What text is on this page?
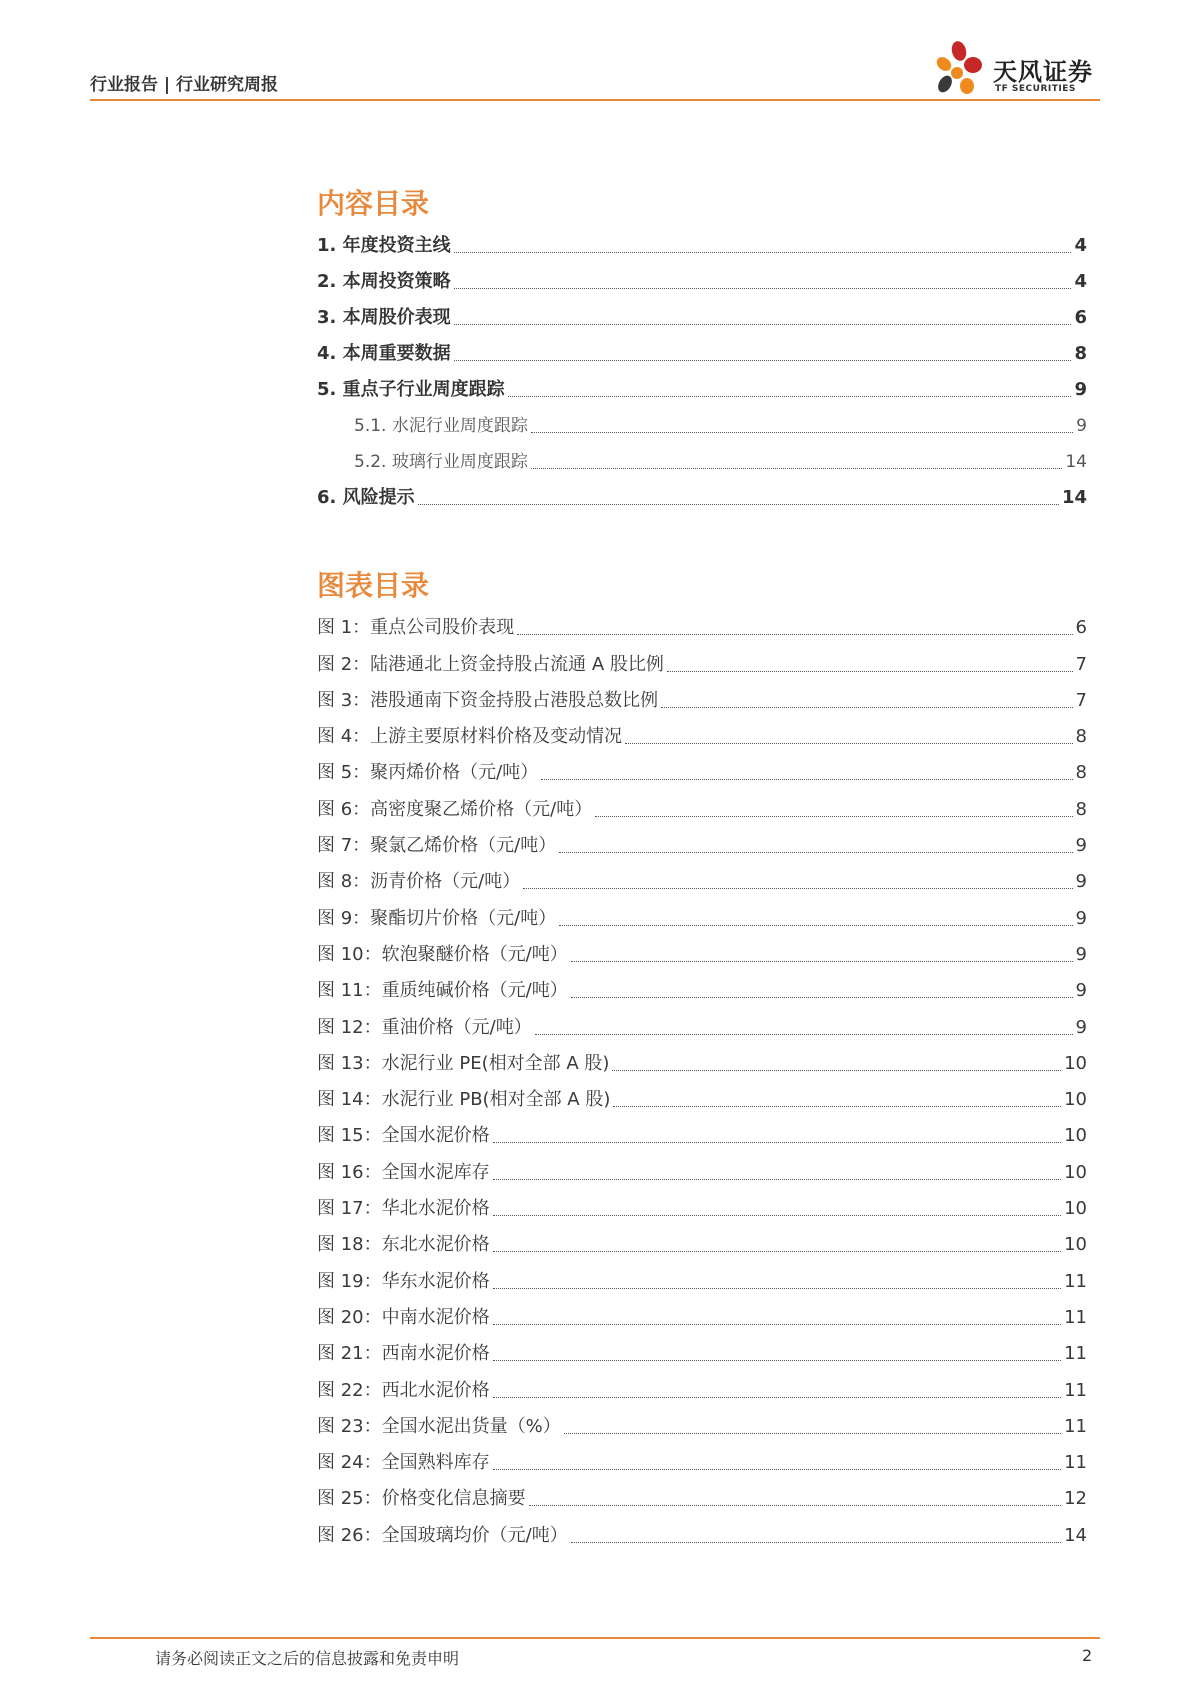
行业报告 | 行业研究周报	天风证券
TF SECURITIES
内容目录
1. 年度投资主线	4
2. 本周投资策略	4
3. 本周股价表现	6
4. 本周重要数据	8
5. 重点子行业周度跟踪	9
5.1. 水泥行业周度跟踪	9
5.2. 玻璃行业周度跟踪	14
6. 风险提示	14
图表目录
图 1：重点公司股价表现	6
图 2：陆港通北上资金持股占流通 A 股比例	7
图 3：港股通南下资金持股占港股总数比例	7
图 4：上游主要原材料价格及变动情况	8
图 5：聚丙烯价格（元/吨）	8
图 6：高密度聚乙烯价格（元/吨）	8
图 7：聚氯乙烯价格（元/吨）	9
图 8：沥青价格（元/吨）	9
图 9：聚酯切片价格（元/吨）	9
图 10：软泡聚醚价格（元/吨）	9
图 11：重质纯碱价格（元/吨）	9
图 12：重油价格（元/吨）	9
图 13：水泥行业 PE(相对全部 A 股)	10
图 14：水泥行业 PB(相对全部 A 股)	10
图 15：全国水泥价格	10
图 16：全国水泥库存	10
图 17：华北水泥价格	10
图 18：东北水泥价格	10
图 19：华东水泥价格	11
图 20：中南水泥价格	11
图 21：西南水泥价格	11
图 22：西北水泥价格	11
图 23：全国水泥出货量（%）	11
图 24：全国熟料库存	11
图 25：价格变化信息摘要	12
图 26：全国玻璃均价（元/吨）	14
请务必阅读正文之后的信息披露和免责申明	2
